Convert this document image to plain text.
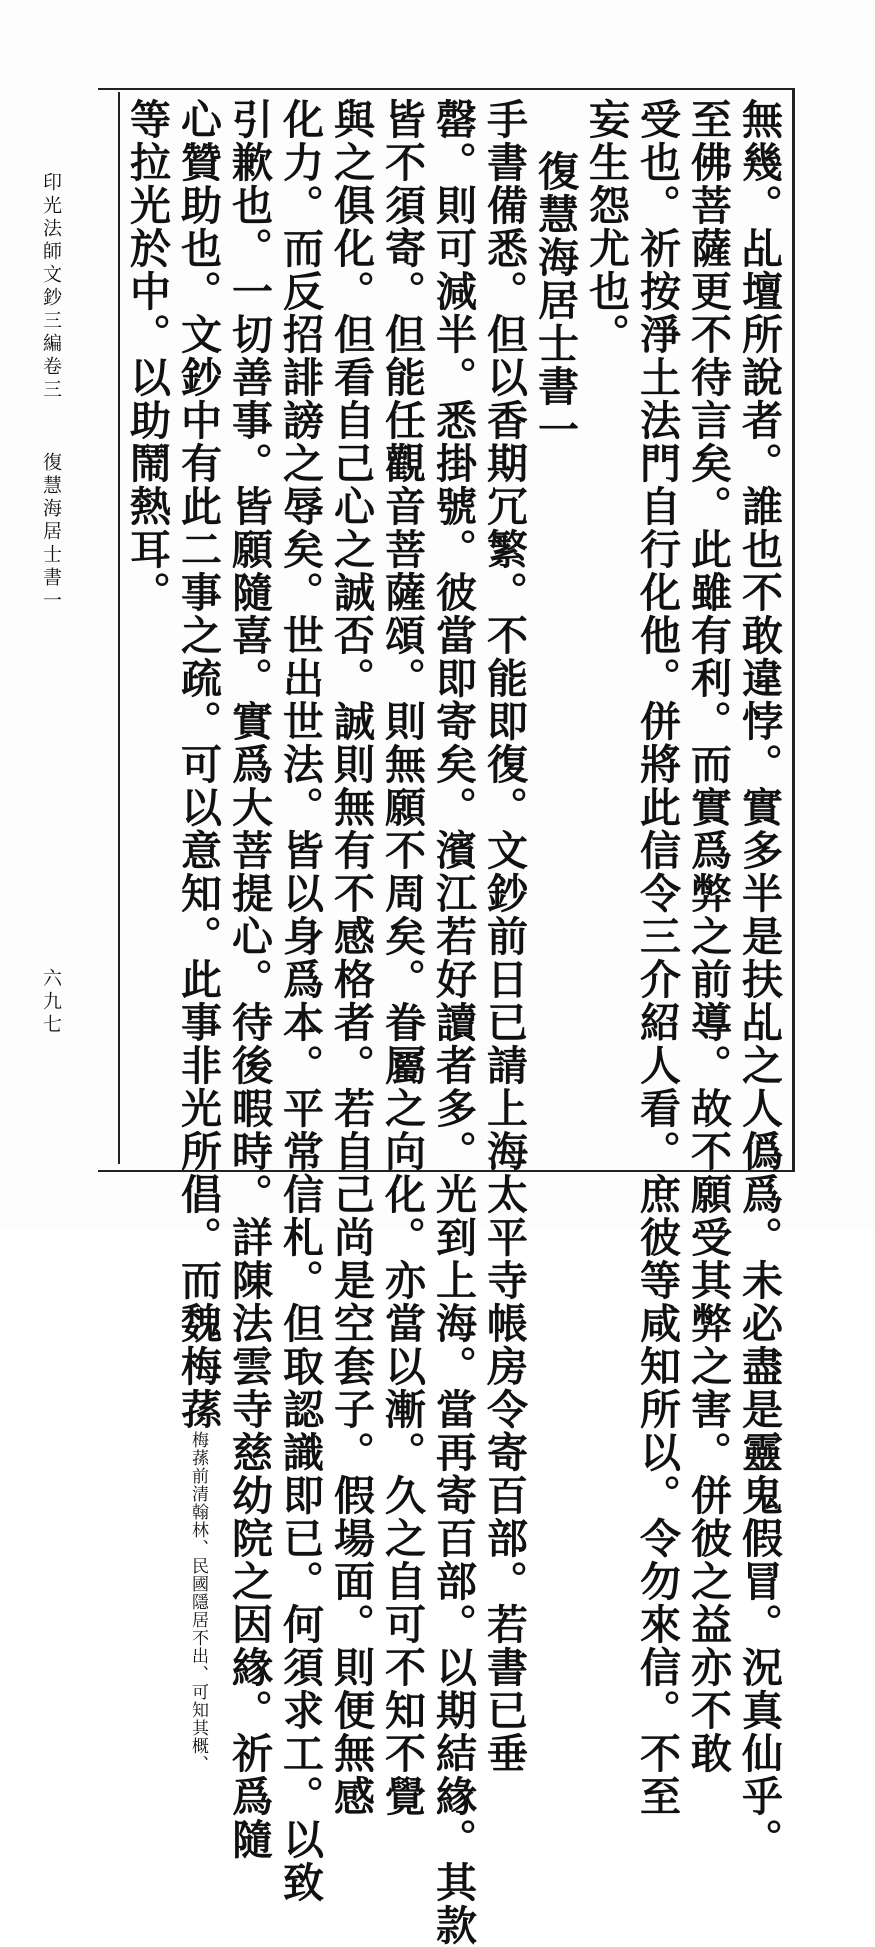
印光法師文鈔三編卷三
復慧海居士書一
六九七	無幾。乩壇所說者。誰也不敢違悖。實多半是扶乩之人僞爲。未必盡是靈鬼假冒。況真仙乎。
至佛菩薩更不待言矣。此雖有利。而實爲弊之前導。故不願受其弊之害。併彼之益亦不敢
受也。祈按淨土法門自行化他。併將此信令三介紹人看。庶彼等咸知所以。令勿來信。不至
妄生怨尤也。
復慧海居士書一
手書備悉。但以香期冗繁。不能即復。文鈔前日已請上海太平寺帳房令寄百部。若書已垂
罄。則可減半。悉掛號。彼當即寄矣。濱江若好讀者多。光到上海。當再寄百部。以期結緣。其款
皆不須寄。但能任觀音菩薩頌。則無願不周矣。眷屬之向化。亦當以漸。久之自可不知不覺
與之俱化。但看自己心之誠否。誠則無有不感格者。若自己尚是空套子。假場面。則便無感
化力。而反招誹謗之辱矣。世出世法。皆以身爲本。平常信札。但取認識即已。何須求工。以致
引歉也。一切善事。皆願隨喜。實爲大菩提心。待後暇時。詳陳法雲寺慈幼院之因緣。祈爲隨
心贊助也。文鈔中有此二事之疏。可以意知。此事非光所倡。而魏梅蓀梅蓀前清翰林、民國隱居不出、可知其概、
等拉光於中。以助鬧熱耳。
